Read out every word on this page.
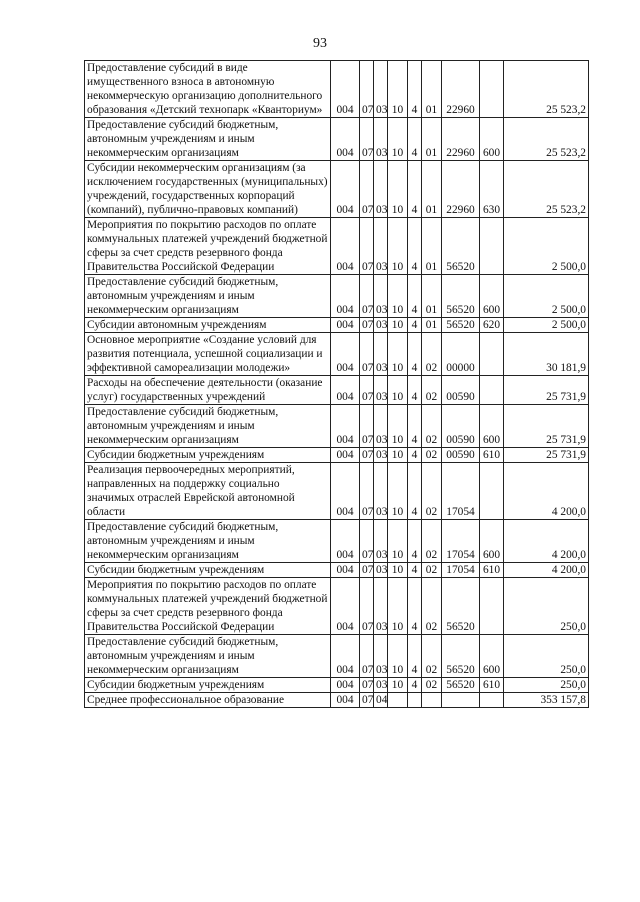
93
Предоставление субсидий в виде имущественного взноса в автономную некоммерческую организацию дополнительного образования «Детский технопарк «Кванториум»	004	07	03	10	4	01	22960		25 523,2
Предоставление субсидий бюджетным, автономным учреждениям и иным некоммерческим организациям	004	07	03	10	4	01	22960	600	25 523,2
Субсидии некоммерческим организациям (за исключением государственных (муниципальных) учреждений, государственных корпораций (компаний), публично-правовых компаний)	004	07	03	10	4	01	22960	630	25 523,2
Мероприятия по покрытию расходов по оплате коммунальных платежей учреждений бюджетной сферы за счет средств резервного фонда Правительства Российской Федерации	004	07	03	10	4	01	56520		2 500,0
Предоставление субсидий бюджетным, автономным учреждениям и иным некоммерческим организациям	004	07	03	10	4	01	56520	600	2 500,0
Субсидии автономным учреждениям	004	07	03	10	4	01	56520	620	2 500,0
Основное мероприятие «Создание условий для развития потенциала, успешной социализации и эффективной самореализации молодежи»	004	07	03	10	4	02	00000		30 181,9
Расходы на обеспечение деятельности (оказание услуг) государственных учреждений	004	07	03	10	4	02	00590		25 731,9
Предоставление субсидий бюджетным, автономным учреждениям и иным некоммерческим организациям	004	07	03	10	4	02	00590	600	25 731,9
Субсидии бюджетным учреждениям	004	07	03	10	4	02	00590	610	25 731,9
Реализация первоочередных мероприятий, направленных на поддержку социально значимых отраслей Еврейской автономной области	004	07	03	10	4	02	17054		4 200,0
Предоставление субсидий бюджетным, автономным учреждениям и иным некоммерческим организациям	004	07	03	10	4	02	17054	600	4 200,0
Субсидии бюджетным учреждениям	004	07	03	10	4	02	17054	610	4 200,0
Мероприятия по покрытию расходов по оплате коммунальных платежей учреждений бюджетной сферы за счет средств резервного фонда Правительства Российской Федерации	004	07	03	10	4	02	56520		250,0
Предоставление субсидий бюджетным, автономным учреждениям и иным некоммерческим организациям	004	07	03	10	4	02	56520	600	250,0
Субсидии бюджетным учреждениям	004	07	03	10	4	02	56520	610	250,0
Среднее профессиональное образование	004	07	04						353 157,8
